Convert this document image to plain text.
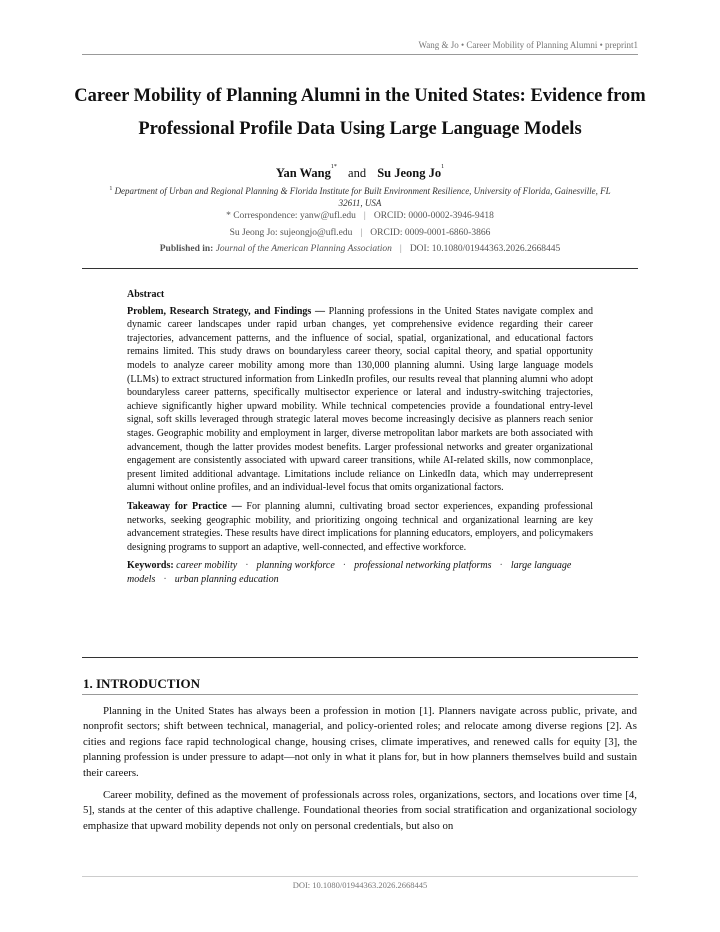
Wang & Jo • Career Mobility of Planning Alumni • preprint1
Career Mobility of Planning Alumni in the United States: Evidence from Professional Profile Data Using Large Language Models
Yan Wang$^{1*}$ and Su Jeong Jo$^1$
$^1$ Department of Urban and Regional Planning & Florida Institute for Built Environment Resilience, University of Florida, Gainesville, FL 32611, USA
* Correspondence: yanw@ufl.edu | ORCID: 0000-0002-3946-9418
Su Jeong Jo: sujeongjo@ufl.edu | ORCID: 0009-0001-6860-3866
Published in: Journal of the American Planning Association | DOI: 10.1080/01944363.2026.2668445
Abstract

Problem, Research Strategy, and Findings — Planning professions in the United States navigate complex and dynamic career landscapes under rapid urban changes, yet comprehensive evidence regarding their career trajectories, advancement patterns, and the influence of social, spatial, organizational, and educational factors remains limited. This study draws on boundaryless career theory, social capital theory, and spatial opportunity models to analyze career mobility among more than 130,000 planning alumni. Using large language models (LLMs) to extract structured information from LinkedIn profiles, our results reveal that planning alumni who adopt boundaryless career patterns, specifically multisector experience or lateral and industry-switching trajectories, achieve significantly higher upward mobility. While technical competencies provide a foundational entry-level signal, soft skills leveraged through strategic lateral moves become increasingly decisive as planners reach senior stages. Geographic mobility and employment in larger, diverse metropolitan labor markets are both associated with advancement, though the latter provides modest benefits. Larger professional networks and greater organizational engagement are consistently associated with upward career transitions, while AI-related skills, now commonplace, present limited additional advantage. Limitations include reliance on LinkedIn data, which may underrepresent alumni without online profiles, and an individual-level focus that omits organizational factors.

Takeaway for Practice — For planning alumni, cultivating broad sector experiences, expanding professional networks, seeking geographic mobility, and prioritizing ongoing technical and organizational learning are key advancement strategies. These results have direct implications for planning educators, employers, and policymakers designing programs to support an adaptive, well-connected, and effective workforce.

Keywords: career mobility · planning workforce · professional networking platforms · large language models · urban planning education

1. INTRODUCTION

Planning in the United States has always been a profession in motion [1]. Planners navigate across public, private, and nonprofit sectors; shift between technical, managerial, and policy-oriented roles; and relocate among diverse regions [2]. As cities and regions face rapid technological change, housing crises, climate imperatives, and renewed calls for equity [3], the planning profession is under pressure to adapt—not only in what it plans for, but in how planners themselves build and sustain their careers.

Career mobility, defined as the movement of professionals across roles, organizations, sectors, and locations over time [4, 5], stands at the center of this adaptive challenge. Foundational theories from social stratification and organizational sociology emphasize that upward mobility depends not only on personal credentials, but also on

DOI: 10.1080/01944363.2026.2668445
